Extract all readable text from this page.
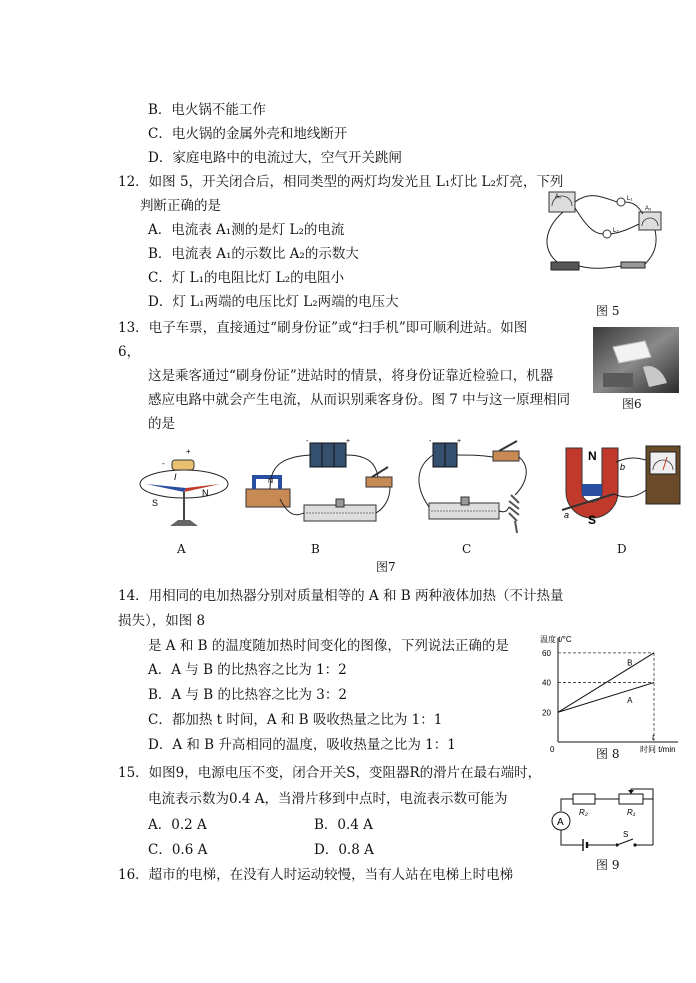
B．电火锅不能工作
C．电火锅的金属外壳和地线断开
D．家庭电路中的电流过大，空气开关跳闸
12．如图 5，开关闭合后，相同类型的两灯均发光且 L₁灯比 L₂灯亮，下列
判断正确的是
A．电流表 A₁测的是灯 L₂的电流
B．电流表 A₁的示数比 A₂的示数大
C．灯 L₁的电阻比灯 L₂的电阻小
D．灯 L₁两端的电压比灯 L₂两端的电压大
A₁
A₂
L₁
L₂
图 5
13．电子车票，直接通过“刷身份证”或“扫手机”即可顺利进站。如图
6，
这是乘客通过“刷身份证”进站时的情景，将身份证靠近检验口，机器
感应电路中就会产生电流，从而识别乘客身份。图 7 中与这一原理相同
的是
图6
+
-
I
N
S
-	+
N
-	+
N
S
a
b
A	B	C	D
图7
14．用相同的电加热器分别对质量相等的 A 和 B 两种液体加热（不计热量
损失），如图 8
是 A 和 B 的温度随加热时间变化的图像，下列说法正确的是
A．A 与 B 的比热容之比为 1：2
B．A 与 B 的比热容之比为 3：2
C．都加热 t 时间，A 和 B 吸收热量之比为 1：1
D．A 和 B 升高相同的温度，吸收热量之比为 1：1
温度 t/°C
时间 t/min
0
20
40
60
t
B
A
图 8
15．如图9，电源电压不变，闭合开关S，变阻器R的滑片在最右端时，
电流表示数为0.4 A，当滑片移到中点时，电流表示数可能为
A．0.2 A	B．0.4 A
C．0.6 A	D．0.8 A
A
R₂	R₁
S
图 9
16．超市的电梯，在没有人时运动较慢，当有人站在电梯上时电梯
